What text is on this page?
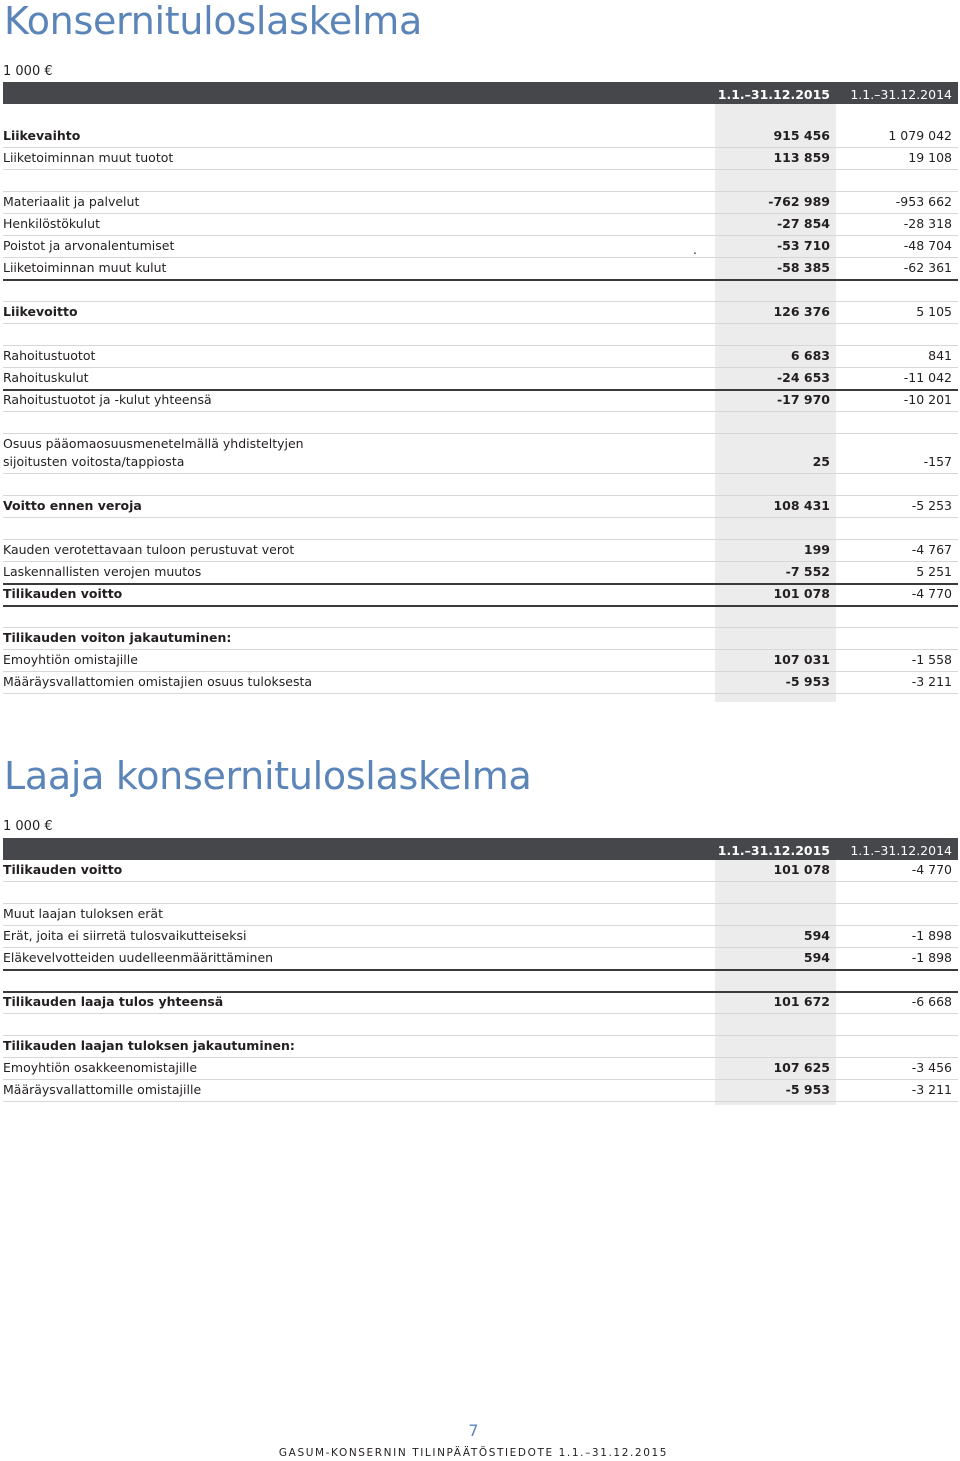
Konsernituloslaskelma
1 000 €
1.1.–31.12.2015	1.1.–31.12.2014
Liikevaihto	915 456	1 079 042
Liiketoiminnan muut tuotot	113 859	19 108
Materiaalit ja palvelut	-762 989	-953 662
Henkilöstökulut	-27 854	-28 318
Poistot ja arvonalentumiset	-53 710	-48 704
Liiketoiminnan muut kulut	-58 385	-62 361
Liikevoitto	126 376	5 105
Rahoitustuotot	6 683	841
Rahoituskulut	-24 653	-11 042
Rahoitustuotot ja -kulut yhteensä	-17 970	-10 201
Osuus pääomaosuusmenetelmällä yhdisteltyjen
sijoitusten voitosta/tappiosta	25	-157
Voitto ennen veroja	108 431	-5 253
Kauden verotettavaan tuloon perustuvat verot	199	-4 767
Laskennallisten verojen muutos	-7 552	5 251
Tilikauden voitto	101 078	-4 770
Tilikauden voiton jakautuminen:
Emoyhtiön omistajille	107 031	-1 558
Määräysvallattomien omistajien osuus tuloksesta	-5 953	-3 211
.
Laaja konsernituloslaskelma
1 000 €
1.1.–31.12.2015	1.1.–31.12.2014
Tilikauden voitto	101 078	-4 770
Muut laajan tuloksen erät
Erät, joita ei siirretä tulosvaikutteiseksi	594	-1 898
Eläkevelvotteiden uudelleenmäärittäminen	594	-1 898
Tilikauden laaja tulos yhteensä	101 672	-6 668
Tilikauden laajan tuloksen jakautuminen:
Emoyhtiön osakkeenomistajille	107 625	-3 456
Määräysvallattomille omistajille	-5 953	-3 211
7
GASUM-KONSERNIN TILINPÄÄTÖSTIEDOTE 1.1.–31.12.2015
